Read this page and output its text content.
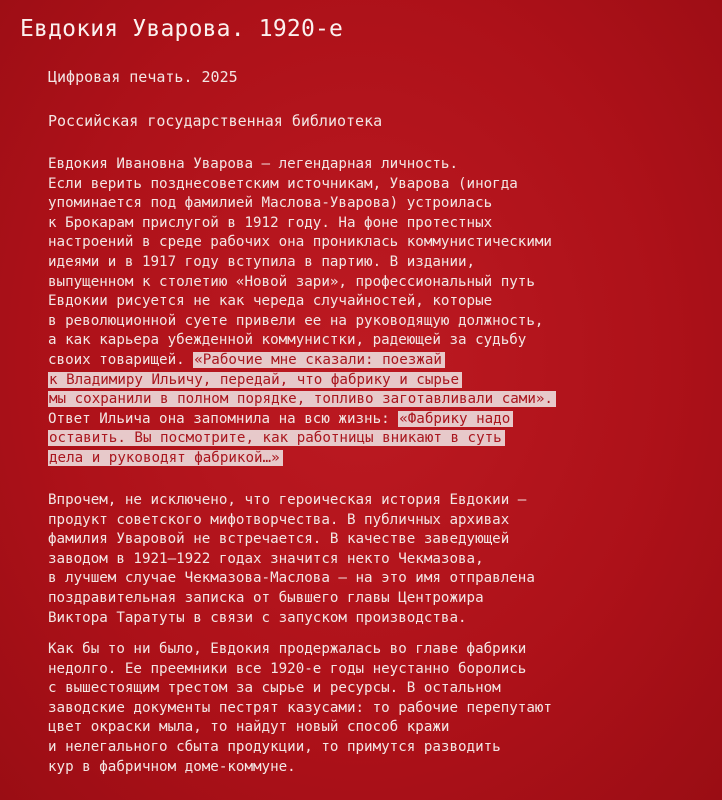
Евдокия Уварова. 1920-е
Цифровая печать. 2025
Российская государственная библиотека
Евдокия Ивановна Уварова — легендарная личность.
Если верить позднесоветским источникам, Уварова (иногда
упоминается под фамилией Маслова-Уварова) устроилась
к Брокарам прислугой в 1912 году. На фоне протестных
настроений в среде рабочих она прониклась коммунистическими
идеями и в 1917 году вступила в партию. В издании,
выпущенном к столетию «Новой зари», профессиональный путь
Евдокии рисуется не как череда случайностей, которые
в революционной суете привели ее на руководящую должность,
а как карьера убежденной коммунистки, радеющей за судьбу
своих товарищей. «Рабочие мне сказали: поезжай
к Владимиру Ильичу, передай, что фабрику и сырье
мы сохранили в полном порядке, топливо заготавливали сами».
Ответ Ильича она запомнила на всю жизнь: «Фабрику надо
оставить. Вы посмотрите, как работницы вникают в суть
дела и руководят фабрикой…»
Впрочем, не исключено, что героическая история Евдокии —
продукт советского мифотворчества. В публичных архивах
фамилия Уваровой не встречается. В качестве заведующей
заводом в 1921–1922 годах значится некто Чекмазова,
в лучшем случае Чекмазова-Маслова — на это имя отправлена
поздравительная записка от бывшего главы Центрожира
Виктора Таратуты в связи с запуском производства.
Как бы то ни было, Евдокия продержалась во главе фабрики
недолго. Ее преемники все 1920-е годы неустанно боролись
с вышестоящим трестом за сырье и ресурсы. В остальном
заводские документы пестрят казусами: то рабочие перепутают
цвет окраски мыла, то найдут новый способ кражи
и нелегального сбыта продукции, то примутся разводить
кур в фабричном доме-коммуне.
